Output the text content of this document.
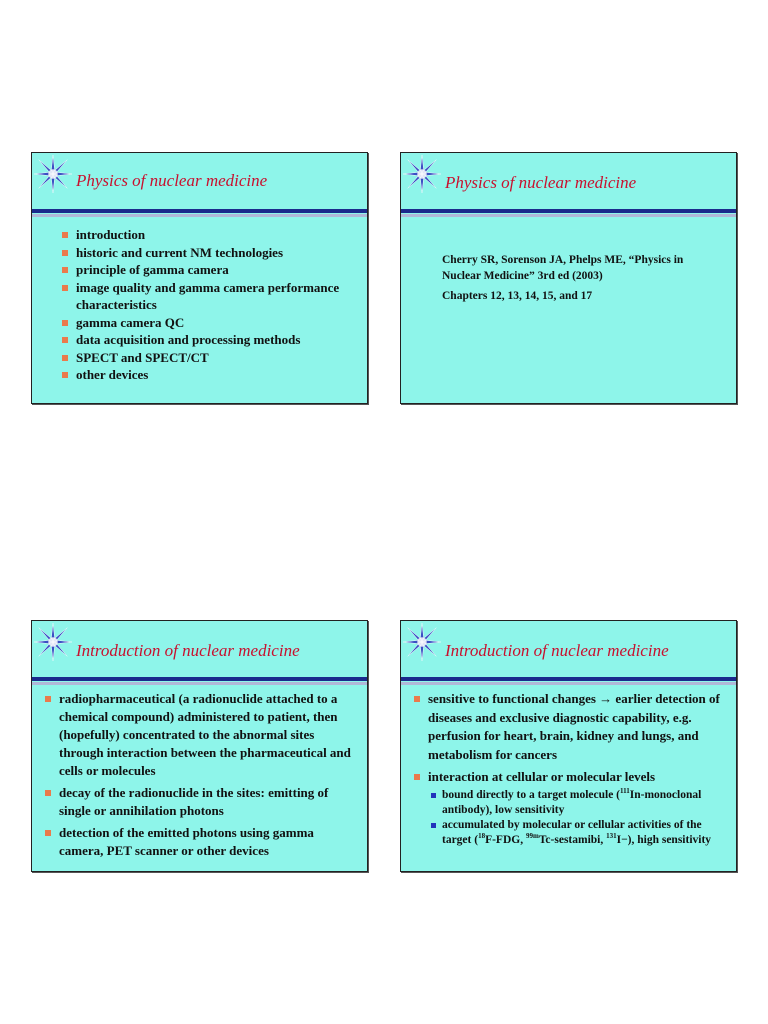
Physics of nuclear medicine
introduction
historic and current NM technologies
principle of gamma camera
image quality and gamma camera performance characteristics
gamma camera QC
data acquisition and processing methods
SPECT and SPECT/CT
other devices
Physics of nuclear medicine
Cherry SR, Sorenson JA, Phelps ME, “Physics in Nuclear Medicine” 3rd ed (2003)
Chapters 12, 13, 14, 15, and 17
Introduction of nuclear medicine
radiopharmaceutical (a radionuclide attached to a chemical compound) administered to patient, then (hopefully) concentrated to the abnormal sites through interaction between the pharmaceutical and cells or molecules
decay of the radionuclide in the sites: emitting of single or annihilation photons
detection of the emitted photons using gamma camera, PET scanner or other devices
Introduction of nuclear medicine
sensitive to functional changes → earlier detection of diseases and exclusive diagnostic capability, e.g. perfusion for heart, brain, kidney and lungs, and metabolism for cancers
interaction at cellular or molecular levels
bound directly to a target molecule ($^{111}$In-monoclonal antibody), low sensitivity
accumulated by molecular or cellular activities of the target ($^{18}$F-FDG, $^{99m}$Tc-sestamibi, $^{131}$I−), high sensitivity
